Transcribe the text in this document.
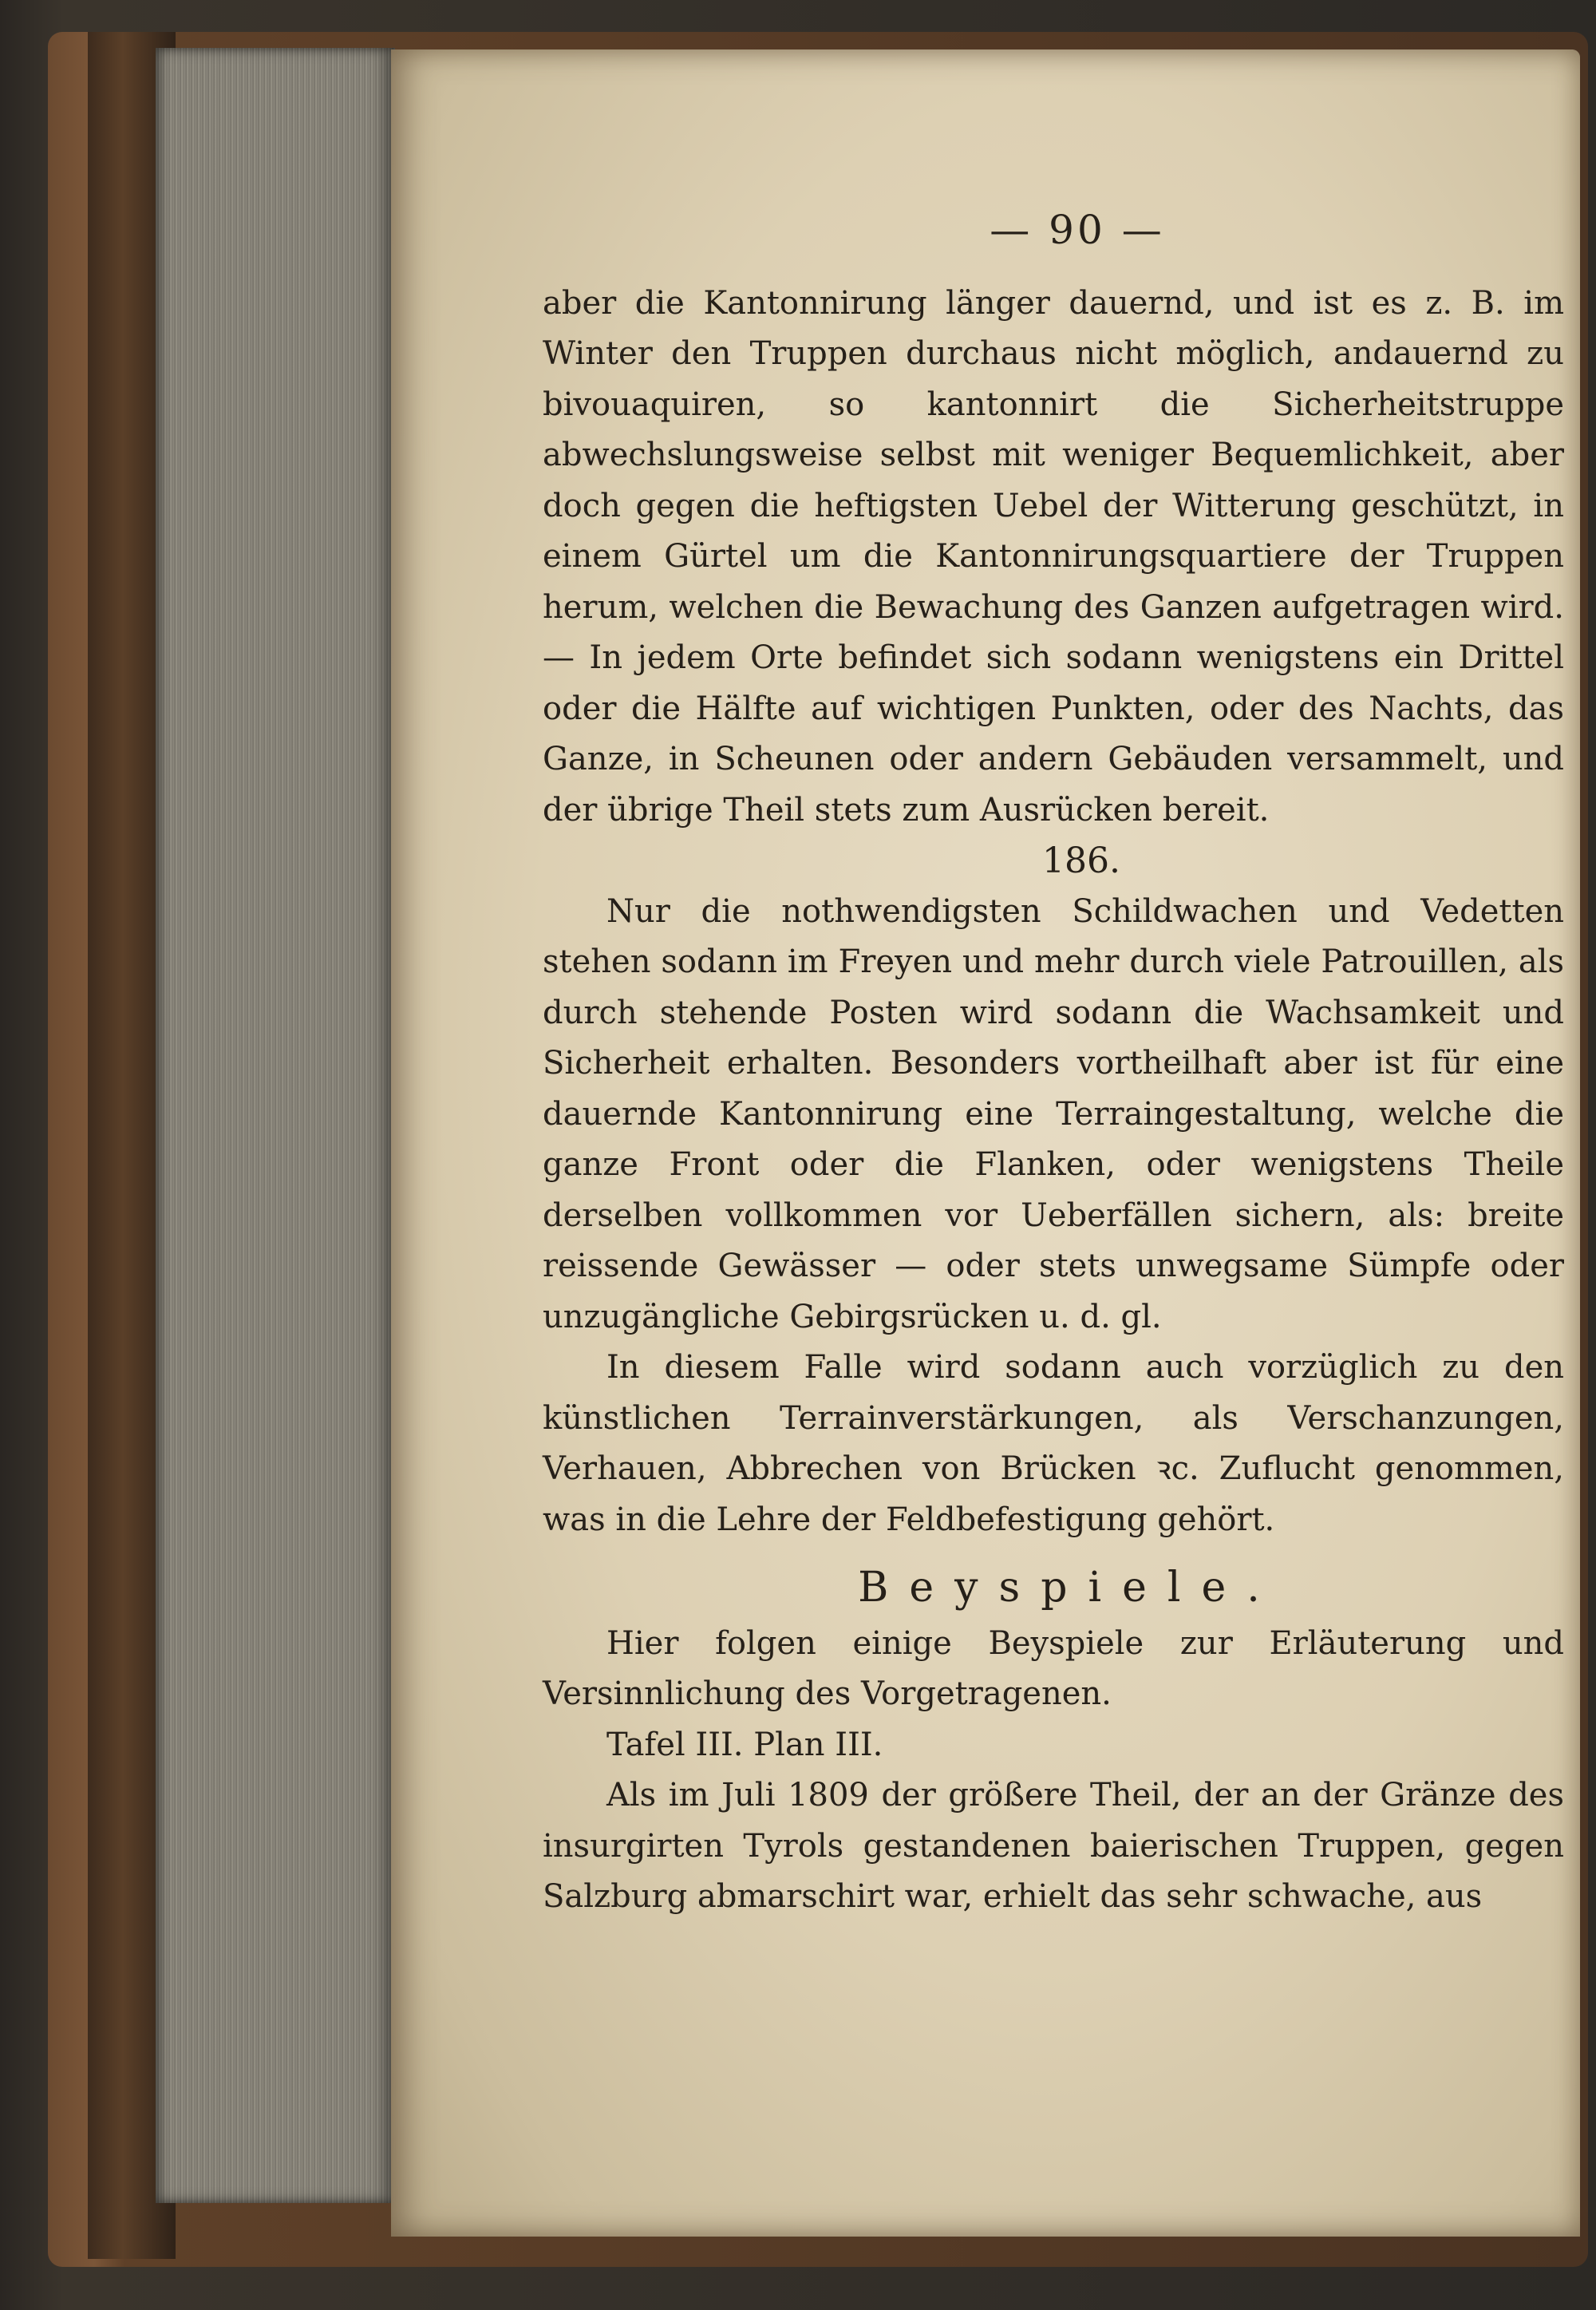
— 90 —

aber die Kantonnirung länger dauernd, und ist es z. B. im Winter den Truppen durchaus nicht möglich, andauernd zu bivouaquiren, so kantonnirt die Sicherheitstruppe abwechslungsweise selbst mit weniger Bequemlichkeit, aber doch gegen die heftigsten Uebel der Witterung geschützt, in einem Gürtel um die Kantonnirungsquartiere der Truppen herum, welchen die Bewachung des Ganzen aufgetragen wird. — In jedem Orte befindet sich sodann wenigstens ein Drittel oder die Hälfte auf wichtigen Punkten, oder des Nachts, das Ganze, in Scheunen oder andern Gebäuden versammelt, und der übrige Theil stets zum Ausrücken bereit.

186.

Nur die nothwendigsten Schildwachen und Vedetten stehen sodann im Freyen und mehr durch viele Patrouillen, als durch stehende Posten wird sodann die Wachsamkeit und Sicherheit erhalten. Besonders vortheilhaft aber ist für eine dauernde Kantonnirung eine Terraingestaltung, welche die ganze Front oder die Flanken, oder wenigstens Theile derselben vollkommen vor Ueberfällen sichern, als: breite reissende Gewässer — oder stets unwegsame Sümpfe oder unzugängliche Gebirgsrücken u. d. gl.

In diesem Falle wird sodann auch vorzüglich zu den künstlichen Terrainverstärkungen, als Verschanzungen, Verhauen, Abbrechen von Brücken ꝛc. Zuflucht genommen, was in die Lehre der Feldbefestigung gehört.

Beyspiele.

Hier folgen einige Beyspiele zur Erläuterung und Versinnlichung des Vorgetragenen.

Tafel III. Plan III.

Als im Juli 1809 der größere Theil, der an der Gränze des insurgirten Tyrols gestandenen baierischen Truppen, gegen Salzburg abmarschirt war, erhielt das sehr schwache, aus
